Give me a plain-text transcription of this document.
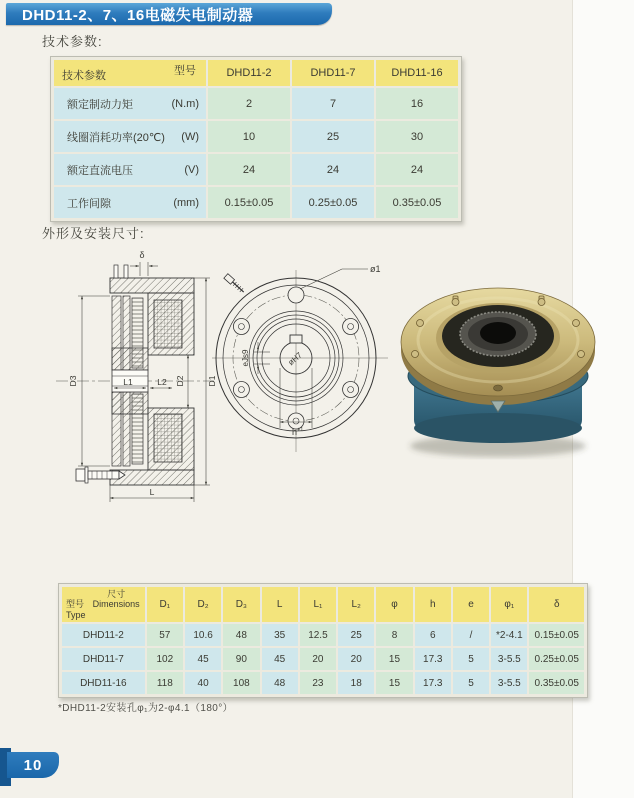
DHD11-2、7、16电磁失电制动器
技术参数:
型号
技术参数	DHD11-2	DHD11-7	DHD11-16

额定制动力矩 (N.m)	2	7	16

线圈消耗功率(20℃) (W)	10	25	30

额定直流电压 (V)	24	24	24

工作间隙 (mm)	0.15±0.05	0.25±0.05	0.35±0.05
外形及安装尺寸:
δ
D3	D1
D2
L1	L2
L
ø1
eJs9	øH7
$h^{+1}$
尺寸
Dimensions
型号
Type	D₁	D₂	D₃	L	L₁	L₂	φ	h	e	φ₁	δ
DHD11-2	57	10.6	48	35	12.5	25	8	6	/	*2-4.1	0.15±0.05
DHD11-7	102	45	90	45	20	20	15	17.3	5	3-5.5	0.25±0.05
DHD11-16	118	40	108	48	23	18	15	17.3	5	3-5.5	0.35±0.05
*DHD11-2安装孔φ₁为2-φ4.1（180°）
10
